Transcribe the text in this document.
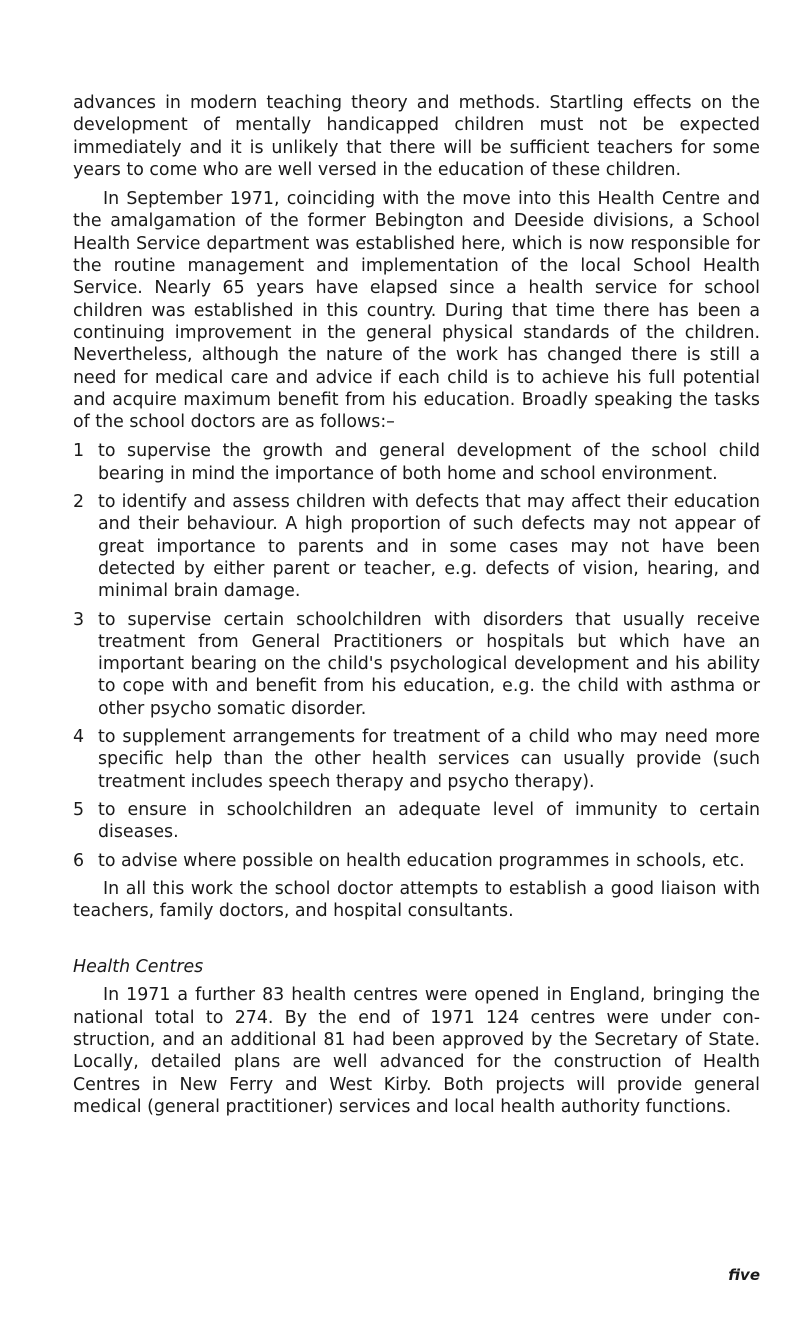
advances in modern teaching theory and methods. Startling effects on the development of mentally handicapped children must not be expected immediately and it is unlikely that there will be sufficient teachers for some years to come who are well versed in the education of these children.

In September 1971, coinciding with the move into this Health Centre and the amalgamation of the former Bebington and Deeside divisions, a School Health Service department was established here, which is now responsible for the routine management and implementation of the local School Health Service. Nearly 65 years have elapsed since a health service for school children was established in this country. During that time there has been a continuing improvement in the general physical standards of the children. Nevertheless, although the nature of the work has changed there is still a need for medical care and advice if each child is to achieve his full potential and acquire maximum benefit from his education. Broadly speaking the tasks of the school doctors are as follows:–

1 to supervise the growth and general development of the school child bearing in mind the importance of both home and school environment.
2 to identify and assess children with defects that may affect their education and their behaviour. A high proportion of such defects may not appear of great importance to parents and in some cases may not have been detected by either parent or teacher, e.g. defects of vision, hearing, and minimal brain damage.
3 to supervise certain schoolchildren with disorders that usually receive treatment from General Practitioners or hospitals but which have an important bearing on the child's psychological development and his ability to cope with and benefit from his education, e.g. the child with asthma or other psycho somatic disorder.
4 to supplement arrangements for treatment of a child who may need more specific help than the other health services can usually provide (such treatment includes speech therapy and psycho therapy).
5 to ensure in schoolchildren an adequate level of immunity to certain diseases.
6 to advise where possible on health education programmes in schools, etc.

In all this work the school doctor attempts to establish a good liaison with teachers, family doctors, and hospital consultants.

Health Centres

In 1971 a further 83 health centres were opened in England, bringing the national total to 274. By the end of 1971 124 centres were under construction, and an additional 81 had been approved by the Secretary of State. Locally, detailed plans are well advanced for the construction of Health Centres in New Ferry and West Kirby. Both projects will provide general medical (general practitioner) services and local health authority functions.

five
